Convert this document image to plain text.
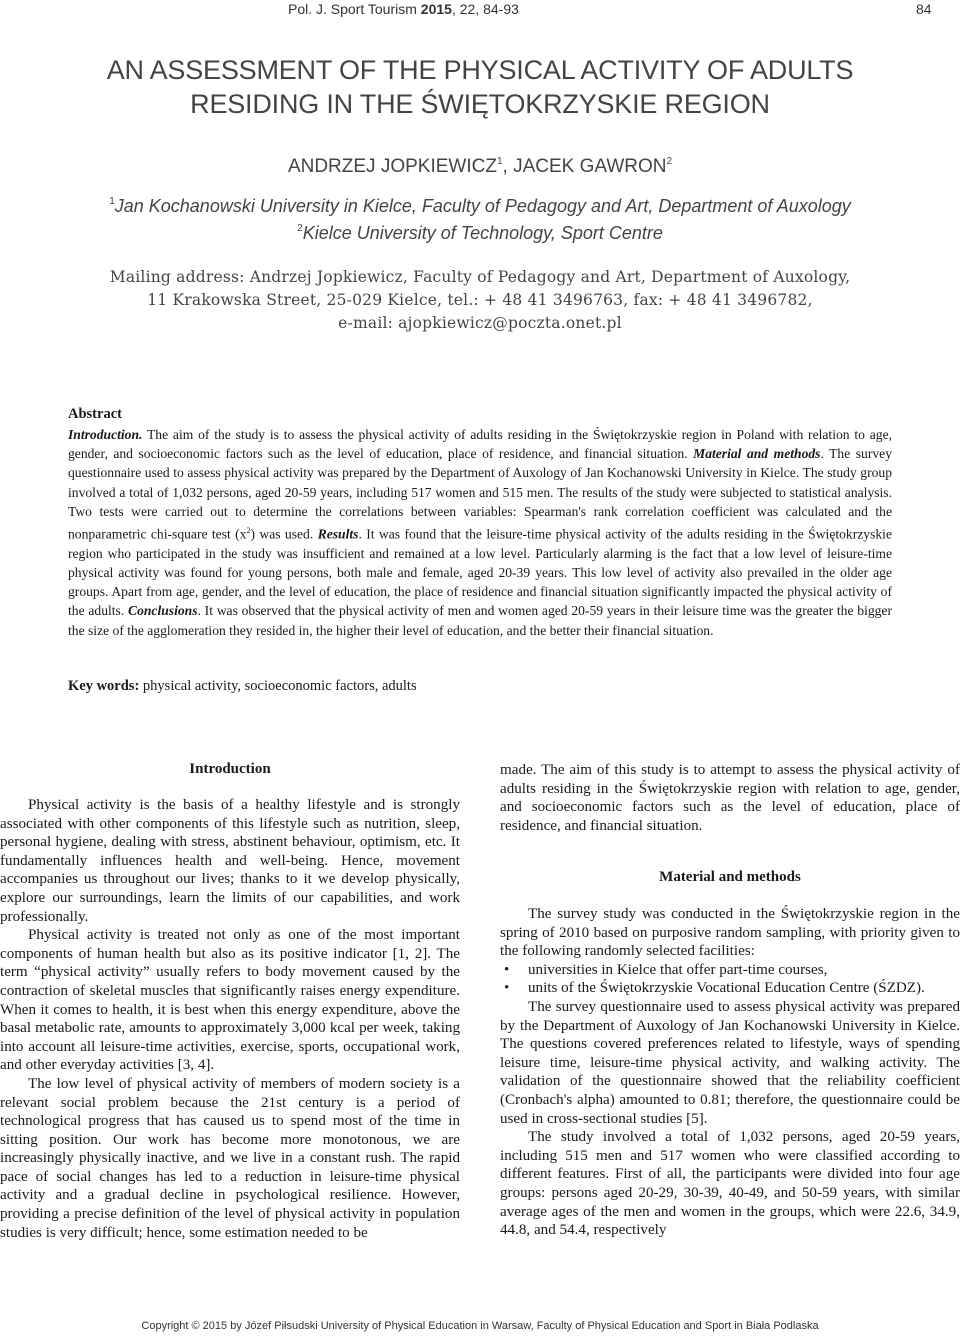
Pol. J. Sport Tourism 2015, 22, 84-93	84
AN ASSESSMENT OF THE PHYSICAL ACTIVITY OF ADULTS
RESIDING IN THE ŚWIĘTOKRZYSKIE REGION
ANDRZEJ JOPKIEWICZ$^1$, JACEK GAWRON$^2$
$^1$Jan Kochanowski University in Kielce, Faculty of Pedagogy and Art, Department of Auxology
$^2$Kielce University of Technology, Sport Centre
Mailing address: Andrzej Jopkiewicz, Faculty of Pedagogy and Art, Department of Auxology,
11 Krakowska Street, 25-029 Kielce, tel.: + 48 41 3496763, fax: + 48 41 3496782,
e-mail: ajopkiewicz@poczta.onet.pl
Abstract
Introduction. The aim of the study is to assess the physical activity of adults residing in the Świętokrzyskie region in Poland with relation to age, gender, and socioeconomic factors such as the level of education, place of residence, and financial situation. Material and methods. The survey questionnaire used to assess physical activity was prepared by the Department of Auxology of Jan Kochanowski University in Kielce. The study group involved a total of 1,032 persons, aged 20-59 years, including 517 women and 515 men. The results of the study were subjected to statistical analysis. Two tests were carried out to determine the correlations between variables: Spearman's rank correlation coefficient was calculated and the nonparametric chi-square test $(x^2)$ was used. Results. It was found that the leisure-time physical activity of the adults residing in the Świętokrzyskie region who participated in the study was insufficient and remained at a low level. Particularly alarming is the fact that a low level of leisure-time physical activity was found for young persons, both male and female, aged 20-39 years. This low level of activity also prevailed in the older age groups. Apart from age, gender, and the level of education, the place of residence and financial situation significantly impacted the physical activity of the adults. Conclusions. It was observed that the physical activity of men and women aged 20-59 years in their leisure time was the greater the bigger the size of the agglomeration they resided in, the higher their level of education, and the better their financial situation.
Key words: physical activity, socioeconomic factors, adults
Introduction

Physical activity is the basis of a healthy lifestyle and is strongly associated with other components of this lifestyle such as nutrition, sleep, personal hygiene, dealing with stress, abstinent behaviour, optimism, etc. It fundamentally influences health and well-being. Hence, movement accompanies us throughout our lives; thanks to it we develop physically, explore our surroundings, learn the limits of our capabilities, and work professionally.

Physical activity is treated not only as one of the most important components of human health but also as its positive indicator [1, 2]. The term “physical activity” usually refers to body movement caused by the contraction of skeletal muscles that significantly raises energy expenditure. When it comes to health, it is best when this energy expenditure, above the basal metabolic rate, amounts to approximately 3,000 kcal per week, taking into account all leisure-time activities, exercise, sports, occupational work, and other everyday activities [3, 4].

The low level of physical activity of members of modern society is a relevant social problem because the 21st century is a period of technological progress that has caused us to spend most of the time in sitting position. Our work has become more monotonous, we are increasingly physically inactive, and we live in a constant rush. The rapid pace of social changes has led to a reduction in leisure-time physical activity and a gradual decline in psychological resilience. However, providing a precise definition of the level of physical activity in population studies is very difficult; hence, some estimation needed to be

made. The aim of this study is to attempt to assess the physical activity of adults residing in the Świętokrzyskie region with relation to age, gender, and socioeconomic factors such as the level of education, place of residence, and financial situation.

Material and methods

The survey study was conducted in the Świętokrzyskie region in the spring of 2010 based on purposive random sampling, with priority given to the following randomly selected facilities:

• universities in Kielce that offer part-time courses,
• units of the Świętokrzyskie Vocational Education Centre (ŚZDZ).

The survey questionnaire used to assess physical activity was prepared by the Department of Auxology of Jan Kochanowski University in Kielce. The questions covered preferences related to lifestyle, ways of spending leisure time, leisure-time physical activity, and walking activity. The validation of the questionnaire showed that the reliability coefficient (Cronbach's alpha) amounted to 0.81; therefore, the questionnaire could be used in cross-sectional studies [5].

The study involved a total of 1,032 persons, aged 20-59 years, including 515 men and 517 women who were classified according to different features. First of all, the participants were divided into four age groups: persons aged 20-29, 30-39, 40-49, and 50-59 years, with similar average ages of the men and women in the groups, which were 22.6, 34.9, 44.8, and 54.4, respectively

Copyright © 2015 by Józef Piłsudski University of Physical Education in Warsaw, Faculty of Physical Education and Sport in Biała Podlaska
